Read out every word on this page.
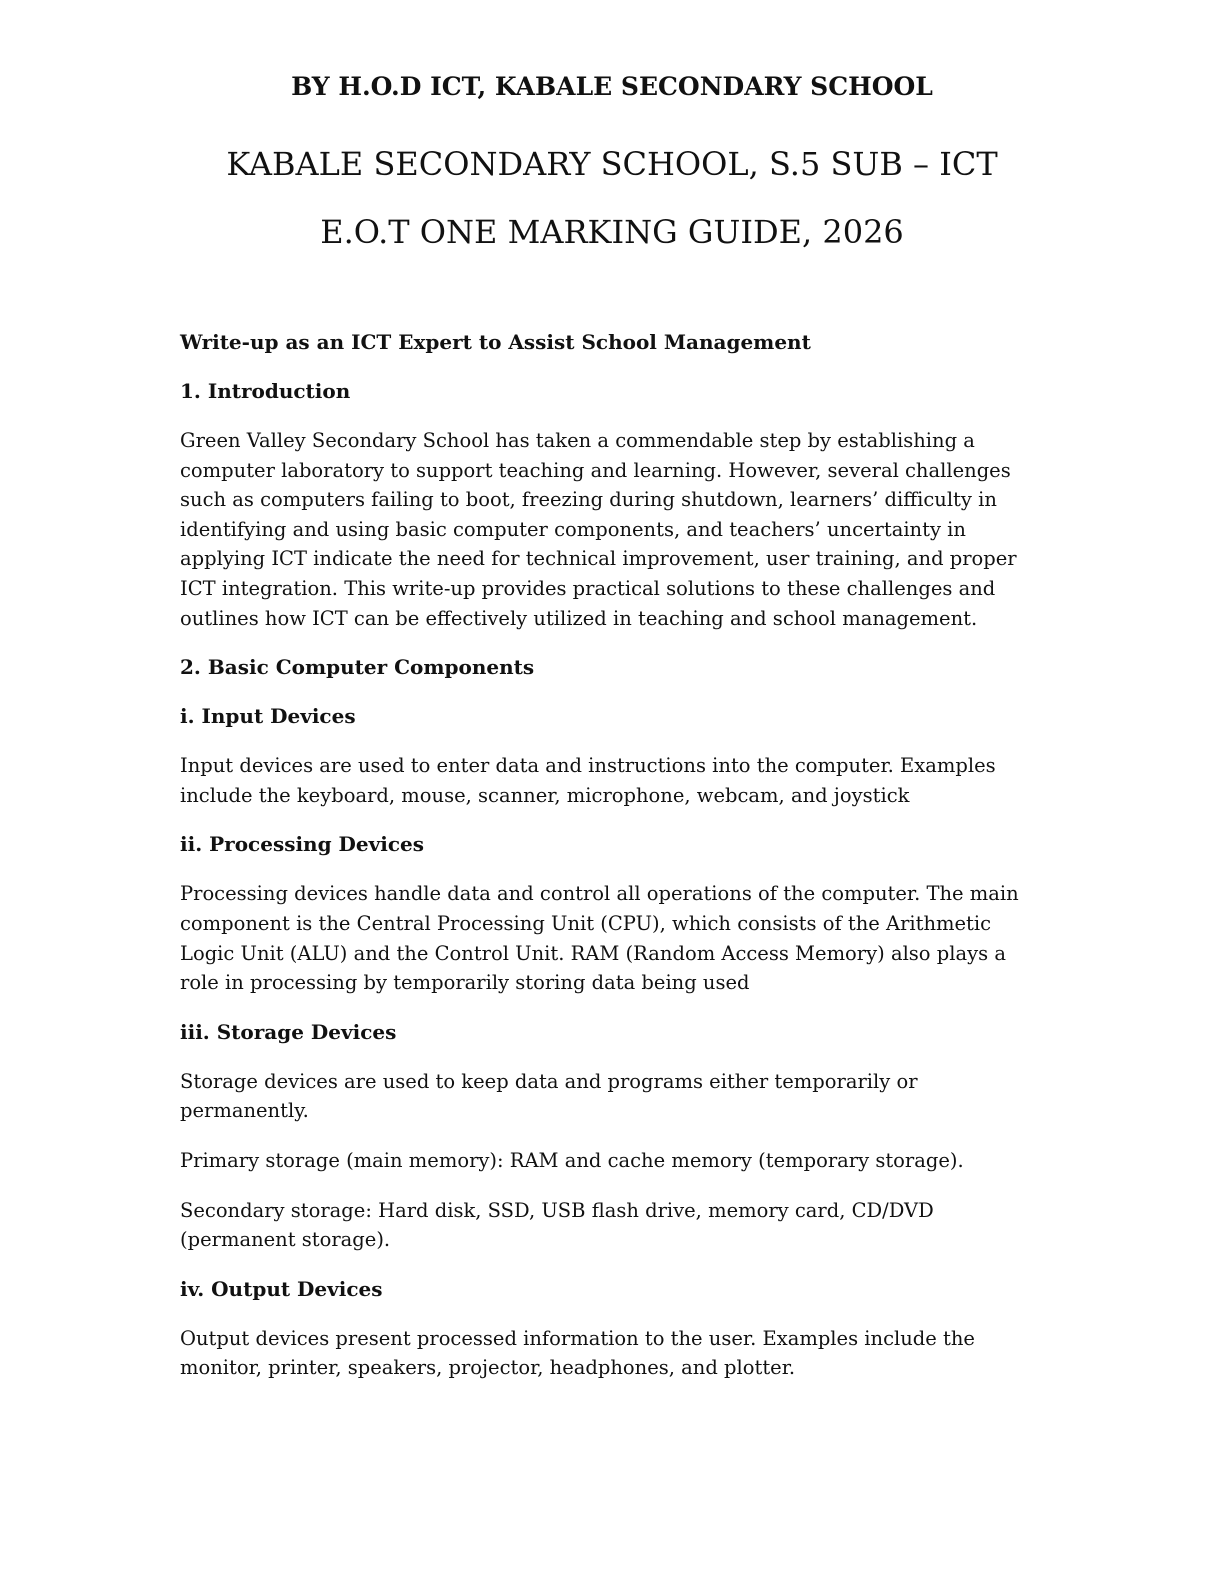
BY H.O.D ICT, KABALE SECONDARY SCHOOL
KABALE SECONDARY SCHOOL, S.5 SUB – ICT
E.O.T ONE MARKING GUIDE, 2026
Write-up as an ICT Expert to Assist School Management
1. Introduction

Green Valley Secondary School has taken a commendable step by establishing a computer laboratory to support teaching and learning. However, several challenges such as computers failing to boot, freezing during shutdown, learners’ difficulty in identifying and using basic computer components, and teachers’ uncertainty in applying ICT indicate the need for technical improvement, user training, and proper ICT integration. This write-up provides practical solutions to these challenges and outlines how ICT can be effectively utilized in teaching and school management.

2. Basic Computer Components
i. Input Devices

Input devices are used to enter data and instructions into the computer. Examples include the keyboard, mouse, scanner, microphone, webcam, and joystick

ii. Processing Devices

Processing devices handle data and control all operations of the computer. The main component is the Central Processing Unit (CPU), which consists of the Arithmetic Logic Unit (ALU) and the Control Unit. RAM (Random Access Memory) also plays a role in processing by temporarily storing data being used

iii. Storage Devices

Storage devices are used to keep data and programs either temporarily or permanently.

Primary storage (main memory): RAM and cache memory (temporary storage).

Secondary storage: Hard disk, SSD, USB flash drive, memory card, CD/DVD (permanent storage).

iv. Output Devices

Output devices present processed information to the user. Examples include the monitor, printer, speakers, projector, headphones, and plotter.
